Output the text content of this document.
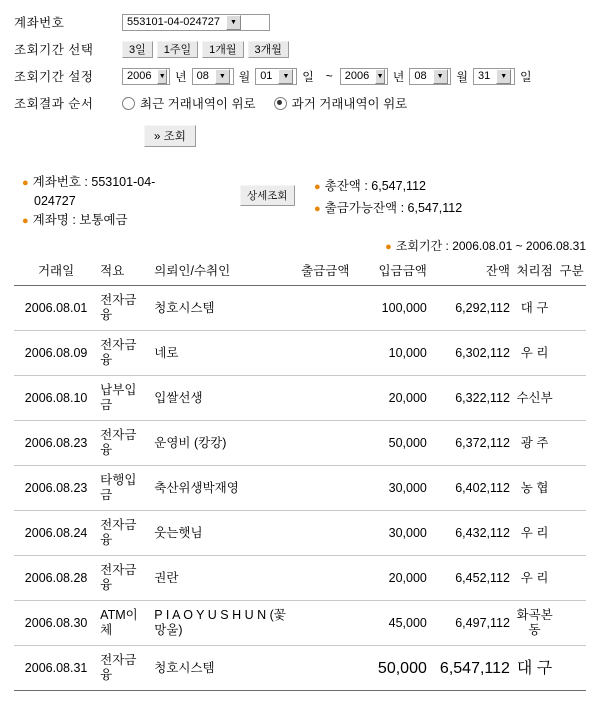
계좌번호	553101-04-024727	▼
조회기간 선택	3일	1주일	1개월	3개월
조회기간 설정	2006 ▼ 년 08	▼	월 01	▼	일 ~ 2006 ▼ 년 08	▼	월 31	▼	일
조회결과 순서	최근 거래내역이 위로	과거 거래내역이 위로
» 조회
● 계좌번호 : 553101-04-
024727
● 계좌명 : 보통예금
상세조회
● 총잔액 : 6,547,112
● 출금가능잔액 : 6,547,112
● 조회기간 : 2006.08.01 ~ 2006.08.31
거래일	적요	의뢰인/수취인	출금금액	입금금액	잔액	처리점	구분
2006.08.01	전자금융	청호시스템		100,000	6,292,112	대 구	
2006.08.09	전자금융	네로		10,000	6,302,112	우 리	
2006.08.10	납부입금	입쌀선생		20,000	6,322,112	수신부	
2006.08.23	전자금융	운영비 (캉캉)		50,000	6,372,112	광 주	
2006.08.23	타행입금	축산위생박재영		30,000	6,402,112	농 협	
2006.08.24	전자금융	웃는햇님		30,000	6,432,112	우 리	
2006.08.28	전자금융	권란		20,000	6,452,112	우 리	
2006.08.30	ATM이체	P I A O Y U S H U N (꽃망울)		45,000	6,497,112	화곡본동	
2006.08.31	전자금융	청호시스템		50,000	6,547,112	대 구	
